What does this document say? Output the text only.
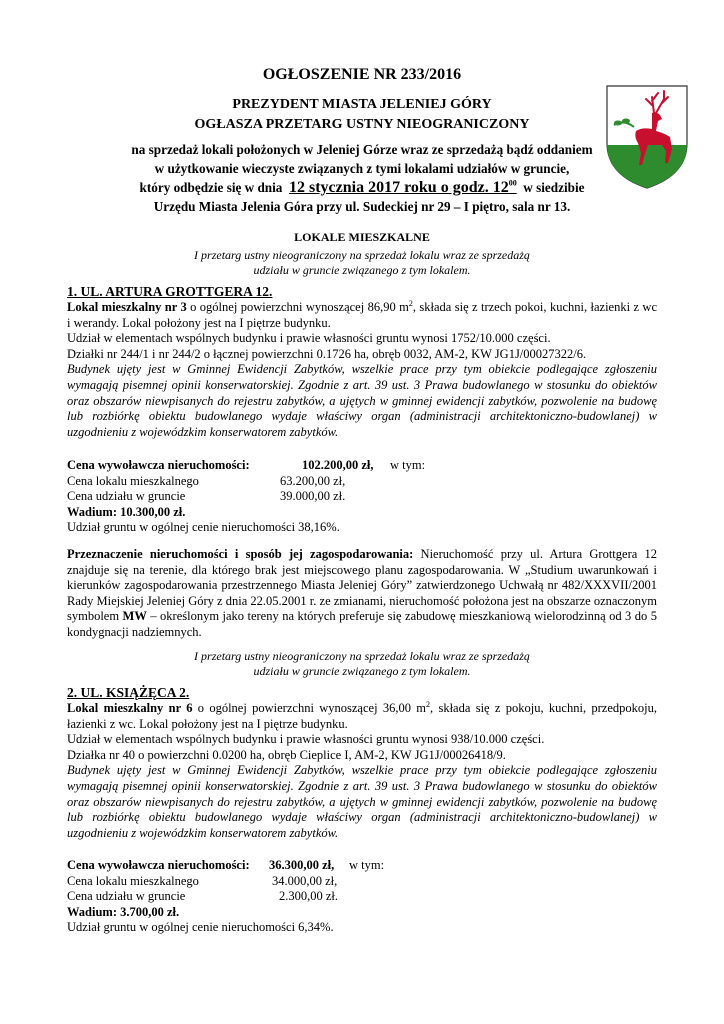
OGŁOSZENIE NR 233/2016
PREZYDENT MIASTA JELENIEJ GÓRY
OGŁASZA PRZETARG USTNY NIEOGRANICZONY
na sprzedaż lokali położonych w Jeleniej Górze wraz ze sprzedażą bądź oddaniem
w użytkowanie wieczyste związanych z tymi lokalami udziałów w gruncie,
który odbędzie się w dnia 12 stycznia 2017 roku o godz. $12^{00}$ w siedzibie
Urzędu Miasta Jelenia Góra przy ul. Sudeckiej nr 29 – I piętro, sala nr 13.
LOKALE MIESZKALNE
I przetarg ustny nieograniczony na sprzedaż lokalu wraz ze sprzedażą
udziału w gruncie związanego z tym lokalem.
1. UL. ARTURA GROTTGERA 12.

Lokal mieszkalny nr 3 o ogólnej powierzchni wynoszącej 86,90 $m^2$, składa się z trzech pokoi, kuchni, łazienki z wc i werandy. Lokal położony jest na I piętrze budynku.

Udział w elementach wspólnych budynku i prawie własności gruntu wynosi 1752/10.000 części.

Działki nr 244/1 i nr 244/2 o łącznej powierzchni 0.1726 ha, obręb 0032, AM-2, KW JG1J/00027322/6.

Budynek ujęty jest w Gminnej Ewidencji Zabytków, wszelkie prace przy tym obiekcie podlegające zgłoszeniu wymagają pisemnej opinii konserwatorskiej. Zgodnie z art. 39 ust. 3 Prawa budowlanego w stosunku do obiektów oraz obszarów niewpisanych do rejestru zabytków, a ujętych w gminnej ewidencji zabytków, pozwolenie na budowę lub rozbiórkę obiektu budowlanego wydaje właściwy organ (administracji architektoniczno-budowlanej) w uzgodnieniu z wojewódzkim konserwatorem zabytków.

Cena wywoławcza nieruchomości:	102.200,00 zł, w tym:
Cena lokalu mieszkalnego	63.200,00 zł,
Cena udziału w gruncie	39.000,00 zł.
Wadium: 10.300,00 zł.
Udział gruntu w ogólnej cenie nieruchomości 38,16%.

Przeznaczenie nieruchomości i sposób jej zagospodarowania: Nieruchomość przy ul. Artura Grottgera 12 znajduje się na terenie, dla którego brak jest miejscowego planu zagospodarowania. W „Studium uwarunkowań i kierunków zagospodarowania przestrzennego Miasta Jeleniej Góry” zatwierdzonego Uchwałą nr 482/XXXVII/2001 Rady Miejskiej Jeleniej Góry z dnia 22.05.2001 r. ze zmianami, nieruchomość położona jest na obszarze oznaczonym symbolem MW – określonym jako tereny na których preferuje się zabudowę mieszkaniową wielorodzinną od 3 do 5 kondygnacji nadziemnych.

I przetarg ustny nieograniczony na sprzedaż lokalu wraz ze sprzedażą
udziału w gruncie związanego z tym lokalem.
2. UL. KSIĄŻĘCA 2.

Lokal mieszkalny nr 6 o ogólnej powierzchni wynoszącej 36,00 $m^2$, składa się z pokoju, kuchni, przedpokoju, łazienki z wc. Lokal położony jest na I piętrze budynku.

Udział w elementach wspólnych budynku i prawie własności gruntu wynosi 938/10.000 części.

Działka nr 40 o powierzchni 0.0200 ha, obręb Cieplice I, AM-2, KW JG1J/00026418/9.

Budynek ujęty jest w Gminnej Ewidencji Zabytków, wszelkie prace przy tym obiekcie podlegające zgłoszeniu wymagają pisemnej opinii konserwatorskiej. Zgodnie z art. 39 ust. 3 Prawa budowlanego w stosunku do obiektów oraz obszarów niewpisanych do rejestru zabytków, a ujętych w gminnej ewidencji zabytków, pozwolenie na budowę lub rozbiórkę obiektu budowlanego wydaje właściwy organ (administracji architektoniczno-budowlanej) w uzgodnieniu z wojewódzkim konserwatorem zabytków.

Cena wywoławcza nieruchomości: 36.300,00 zł, w tym:
Cena lokalu mieszkalnego	34.000,00 zł,
Cena udziału w gruncie	2.300,00 zł.
Wadium: 3.700,00 zł.
Udział gruntu w ogólnej cenie nieruchomości 6,34%.
